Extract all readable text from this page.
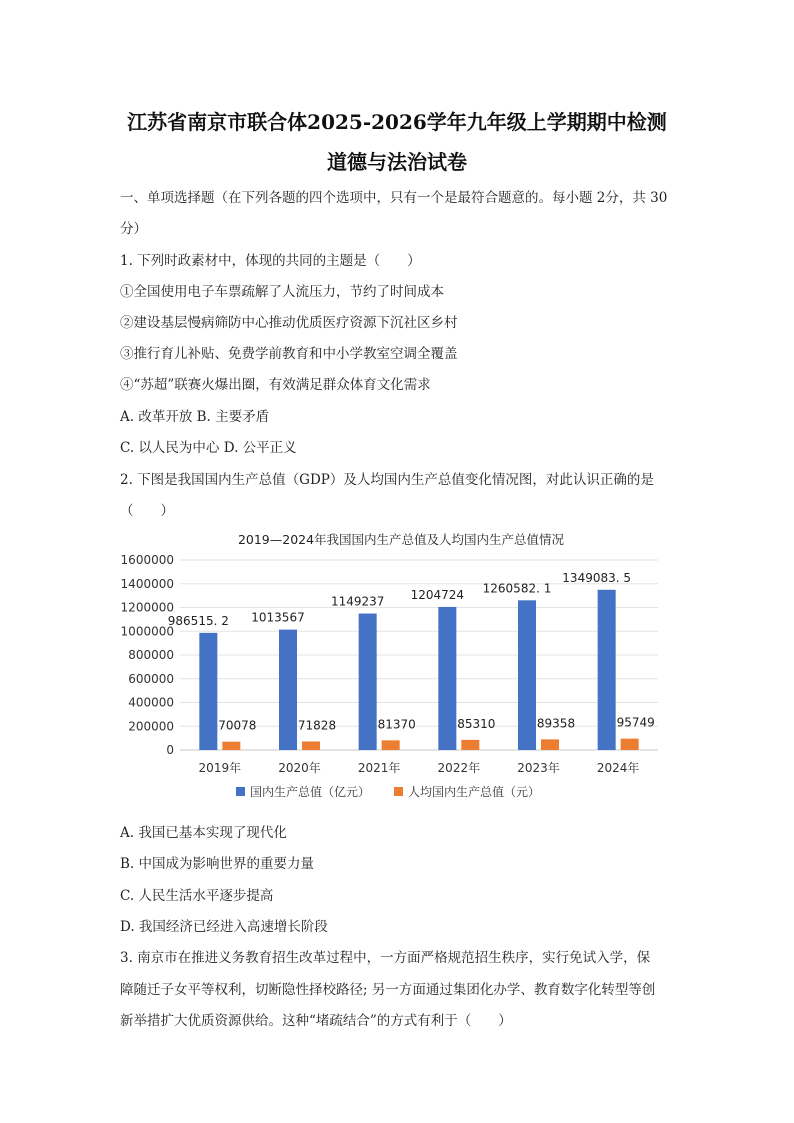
江苏省南京市联合体2025-2026学年九年级上学期期中检测
道德与法治试卷
一、单项选择题（在下列各题的四个选项中，只有一个是最符合题意的。每小题 2分，共 30
分）
1. 下列时政素材中，体现的共同的主题是（　　）
①全国使用电子车票疏解了人流压力，节约了时间成本
②建设基层慢病筛防中心推动优质医疗资源下沉社区乡村
③推行育儿补贴、免费学前教育和中小学教室空调全覆盖
④“苏超”联赛火爆出圈，有效满足群众体育文化需求
A. 改革开放 B. 主要矛盾
C. 以人民为中心 D. 公平正义
2. 下图是我国国内生产总值（GDP）及人均国内生产总值变化情况图，对此认识正确的是
（　　）
2019—2024年我国国内生产总值及人均国内生产总值情况
0
200000
400000
600000
800000
1000000
1200000
1400000
1600000
986515. 2
70078
1013567
71828
1149237
81370
1204724
85310
1260582. 1
89358
1349083. 5
95749
2019年	2020年	2021年	2022年	2023年	2024年
国内生产总值（亿元）	人均国内生产总值（元）
A. 我国已基本实现了现代化
B. 中国成为影响世界的重要力量
C. 人民生活水平逐步提高
D. 我国经济已经进入高速增长阶段
3. 南京市在推进义务教育招生改革过程中，一方面严格规范招生秩序，实行免试入学，保
障随迁子女平等权利，切断隐性择校路径; 另一方面通过集团化办学、教育数字化转型等创
新举措扩大优质资源供给。这种“堵疏结合”的方式有利于（　　）
